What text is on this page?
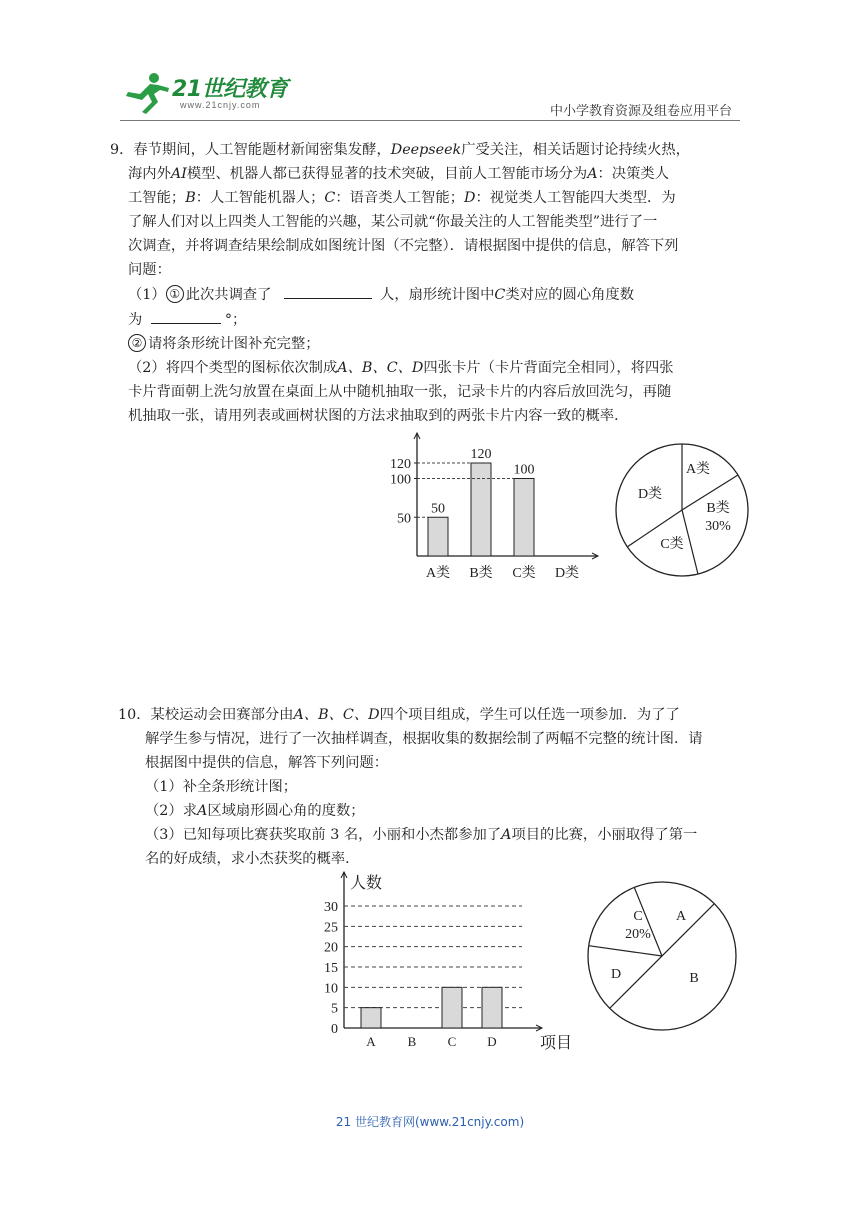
21世纪教育
www.21cnjy.com	中小学教育资源及组卷应用平台
9．春节期间，人工智能题材新闻密集发酵，Deepseek广受关注，相关话题讨论持续火热，
海内外AI模型、机器人都已获得显著的技术突破，目前人工智能市场分为A：决策类人
工智能；B：人工智能机器人；C：语音类人工智能；D：视觉类人工智能四大类型．为
了解人们对以上四类人工智能的兴趣，某公司就“你最关注的人工智能类型”进行了一
次调查，并将调查结果绘制成如图统计图（不完整）．请根据图中提供的信息，解答下列
问题：
（1） ① 此次共调查了	人，扇形统计图中C类对应的圆心角度数
为	°；
② 请将条形统计图补充完整；
（2）将四个类型的图标依次制成A、B、C、D四张卡片（卡片背面完全相同），将四张
卡片背面朝上洗匀放置在桌面上从中随机抽取一张，记录卡片的内容后放回洗匀，再随
机抽取一张，请用列表或画树状图的方法求抽取到的两张卡片内容一致的概率．
50
A类
120
B类
100
C类 D类
50
100
120	A类
B类
30%
C类
D类
10．某校运动会田赛部分由A、B、C、D四个项目组成，学生可以任选一项参加．为了了
解学生参与情况，进行了一次抽样调查，根据收集的数据绘制了两幅不完整的统计图．请
根据图中提供的信息，解答下列问题：
（1）补全条形统计图；
（2）求A区域扇形圆心角的度数；
（3）已知每项比赛获奖取前 3 名，小丽和小杰都参加了A项目的比赛，小丽取得了第一
名的好成绩，求小杰获奖的概率．
人数
项目
0
5
10
15
20
25
30
A B C D
A
B
C
20%
D
21 世纪教育网(www.21cnjy.com)
